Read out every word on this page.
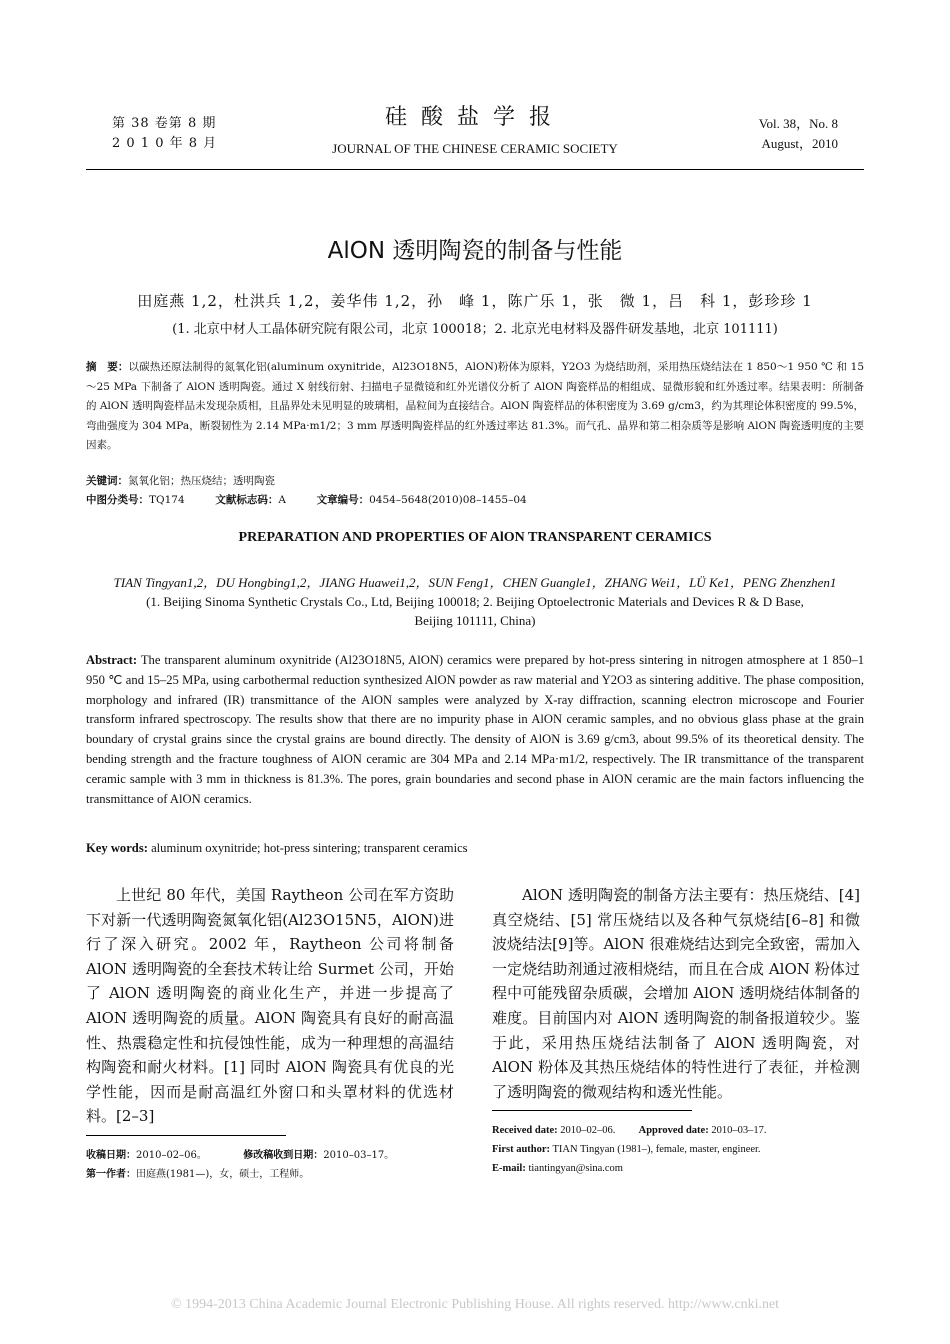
第 38 卷第 8 期
2 0 1 0 年 8 月
硅酸盐学报
JOURNAL OF THE CHINESE CERAMIC SOCIETY
Vol. 38，No. 8
August，2010
AlON 透明陶瓷的制备与性能
田庭燕 1,2，杜洪兵 1,2，姜华伟 1,2，孙　峰 1，陈广乐 1，张　微 1，吕　科 1，彭珍珍 1
(1. 北京中材人工晶体研究院有限公司，北京 100018；2. 北京光电材料及器件研发基地，北京 101111)
摘　要：以碳热还原法制得的氮氧化铝(aluminum oxynitride，Al23O18N5，AlON)粉体为原料，Y2O3 为烧结助剂，采用热压烧结法在 1 850～1 950 ℃ 和 15～25 MPa 下制备了 AlON 透明陶瓷。通过 X 射线衍射、扫描电子显微镜和红外光谱仪分析了 AlON 陶瓷样品的相组成、显微形貌和红外透过率。结果表明：所制备的 AlON 透明陶瓷样品未发现杂质相，且晶界处未见明显的玻璃相，晶粒间为直接结合。AlON 陶瓷样品的体积密度为 3.69 g/cm3，约为其理论体积密度的 99.5%，弯曲强度为 304 MPa，断裂韧性为 2.14 MPa·m1/2；3 mm 厚透明陶瓷样品的红外透过率达 81.3%。而气孔、晶界和第二相杂质等是影响 AlON 陶瓷透明度的主要因素。
关键词：氮氧化铝；热压烧结；透明陶瓷
中图分类号：TQ174	文献标志码：A	文章编号：0454–5648(2010)08–1455–04
PREPARATION AND PROPERTIES OF AlON TRANSPARENT CERAMICS
TIAN Tingyan1,2，DU Hongbing1,2，JIANG Huawei1,2，SUN Feng1，CHEN Guangle1，ZHANG Wei1，LÜ Ke1，PENG Zhenzhen1
(1. Beijing Sinoma Synthetic Crystals Co., Ltd, Beijing 100018; 2. Beijing Optoelectronic Materials and Devices R & D Base,
Beijing 101111, China)
Abstract: The transparent aluminum oxynitride (Al23O18N5, AlON) ceramics were prepared by hot-press sintering in nitrogen atmosphere at 1 850–1 950 ℃ and 15–25 MPa, using carbothermal reduction synthesized AlON powder as raw material and Y2O3 as sintering additive. The phase composition, morphology and infrared (IR) transmittance of the AlON samples were analyzed by X-ray diffraction, scanning electron microscope and Fourier transform infrared spectroscopy. The results show that there are no impurity phase in AlON ceramic samples, and no obvious glass phase at the grain boundary of crystal grains since the crystal grains are bound directly. The density of AlON is 3.69 g/cm3, about 99.5% of its theoretical density. The bending strength and the fracture toughness of AlON ceramic are 304 MPa and 2.14 MPa·m1/2, respectively. The IR transmittance of the transparent ceramic sample with 3 mm in thickness is 81.3%. The pores, grain boundaries and second phase in AlON ceramic are the main factors influencing the transmittance of AlON ceramics.
Key words: aluminum oxynitride; hot-press sintering; transparent ceramics

上世纪 80 年代，美国 Raytheon 公司在军方资助下对新一代透明陶瓷氮氧化铝(Al23O15N5，AlON)进行了深入研究。2002 年，Raytheon 公司将制备 AlON 透明陶瓷的全套技术转让给 Surmet 公司，开始了 AlON 透明陶瓷的商业化生产，并进一步提高了 AlON 透明陶瓷的质量。AlON 陶瓷具有良好的耐高温性、热震稳定性和抗侵蚀性能，成为一种理想的高温结构陶瓷和耐火材料。[1] 同时 AlON 陶瓷具有优良的光学性能，因而是耐高温红外窗口和头罩材料的优选材料。[2–3]

收稿日期：2010–02–06。	修改稿收到日期：2010–03–17。
第一作者：田庭燕(1981—)，女，硕士，工程师。

AlON 透明陶瓷的制备方法主要有：热压烧结、[4] 真空烧结、[5] 常压烧结以及各种气氛烧结[6–8] 和微波烧结法[9]等。AlON 很难烧结达到完全致密，需加入一定烧结助剂通过液相烧结，而且在合成 AlON 粉体过程中可能残留杂质碳，会增加 AlON 透明烧结体制备的难度。目前国内对 AlON 透明陶瓷的制备报道较少。鉴于此，采用热压烧结法制备了 AlON 透明陶瓷，对 AlON 粉体及其热压烧结体的特性进行了表征，并检测了透明陶瓷的微观结构和透光性能。

Received date: 2010–02–06. Approved date: 2010–03–17.
First author: TIAN Tingyan (1981–), female, master, engineer.
E-mail: tiantingyan@sina.com
© 1994-2013 China Academic Journal Electronic Publishing House. All rights reserved. http://www.cnki.net
